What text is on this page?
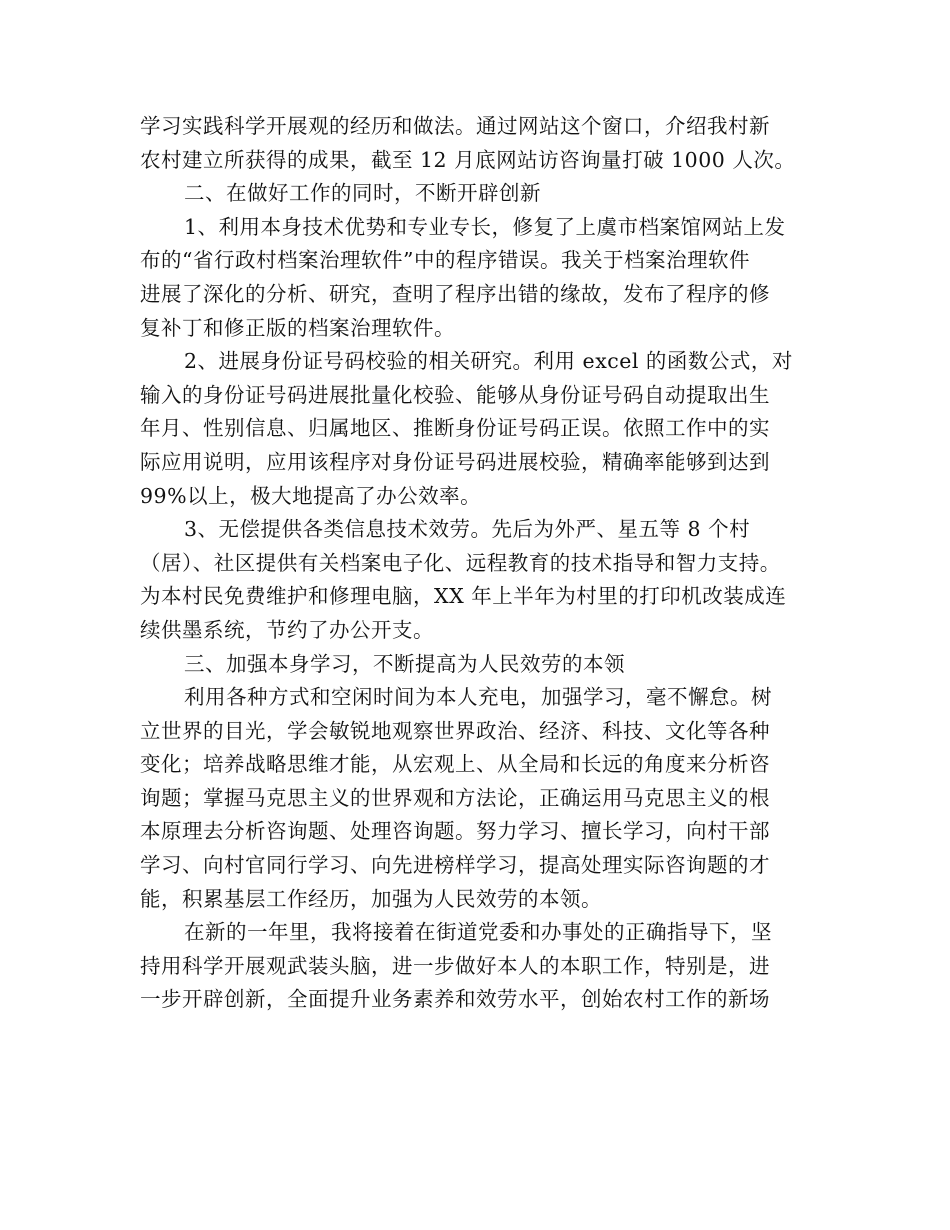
学习实践科学开展观的经历和做法。通过网站这个窗口，介绍我村新
农村建立所获得的成果，截至 12 月底网站访咨询量打破 1000 人次。
二、在做好工作的同时，不断开辟创新
1、利用本身技术优势和专业专长，修复了上虞市档案馆网站上发
布的“省行政村档案治理软件”中的程序错误。我关于档案治理软件
进展了深化的分析、研究，查明了程序出错的缘故，发布了程序的修
复补丁和修正版的档案治理软件。
2、进展身份证号码校验的相关研究。利用 excel 的函数公式，对
输入的身份证号码进展批量化校验、能够从身份证号码自动提取出生
年月、性别信息、归属地区、推断身份证号码正误。依照工作中的实
际应用说明，应用该程序对身份证号码进展校验，精确率能够到达到
99%以上，极大地提高了办公效率。
3、无偿提供各类信息技术效劳。先后为外严、星五等 8 个村
（居）、社区提供有关档案电子化、远程教育的技术指导和智力支持。
为本村民免费维护和修理电脑，XX 年上半年为村里的打印机改装成连
续供墨系统，节约了办公开支。
三、加强本身学习，不断提高为人民效劳的本领
利用各种方式和空闲时间为本人充电，加强学习，毫不懈怠。树
立世界的目光，学会敏锐地观察世界政治、经济、科技、文化等各种
变化；培养战略思维才能，从宏观上、从全局和长远的角度来分析咨
询题；掌握马克思主义的世界观和方法论，正确运用马克思主义的根
本原理去分析咨询题、处理咨询题。努力学习、擅长学习，向村干部
学习、向村官同行学习、向先进榜样学习，提高处理实际咨询题的才
能，积累基层工作经历，加强为人民效劳的本领。
在新的一年里，我将接着在街道党委和办事处的正确指导下，坚
持用科学开展观武装头脑，进一步做好本人的本职工作，特别是，进
一步开辟创新，全面提升业务素养和效劳水平，创始农村工作的新场
